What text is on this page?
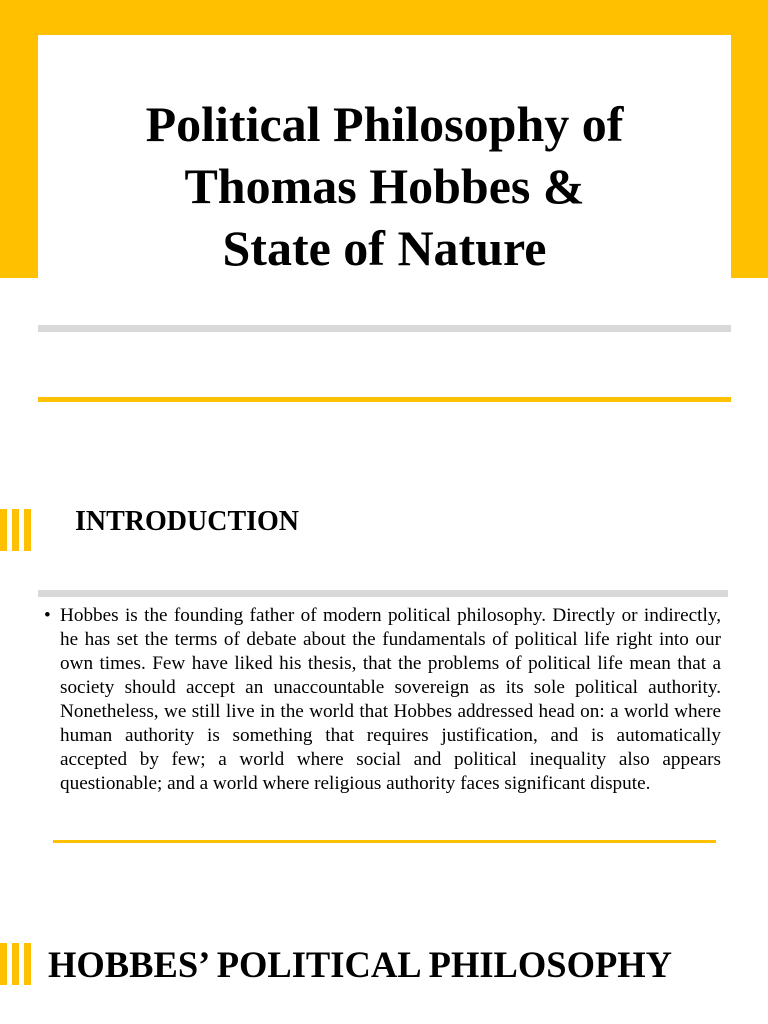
Political Philosophy of
Thomas Hobbes &
State of Nature
INTRODUCTION
• Hobbes is the founding father of modern political philosophy. Directly or indirectly, he has set the terms of debate about the fundamentals of political life right into our own times. Few have liked his thesis, that the problems of political life mean that a society should accept an unaccountable sovereign as its sole political authority. Nonetheless, we still live in the world that Hobbes addressed head on: a world where human authority is something that requires justification, and is automatically accepted by few; a world where social and political inequality also appears questionable; and a world where religious authority faces significant dispute.
HOBBES’ POLITICAL PHILOSOPHY
